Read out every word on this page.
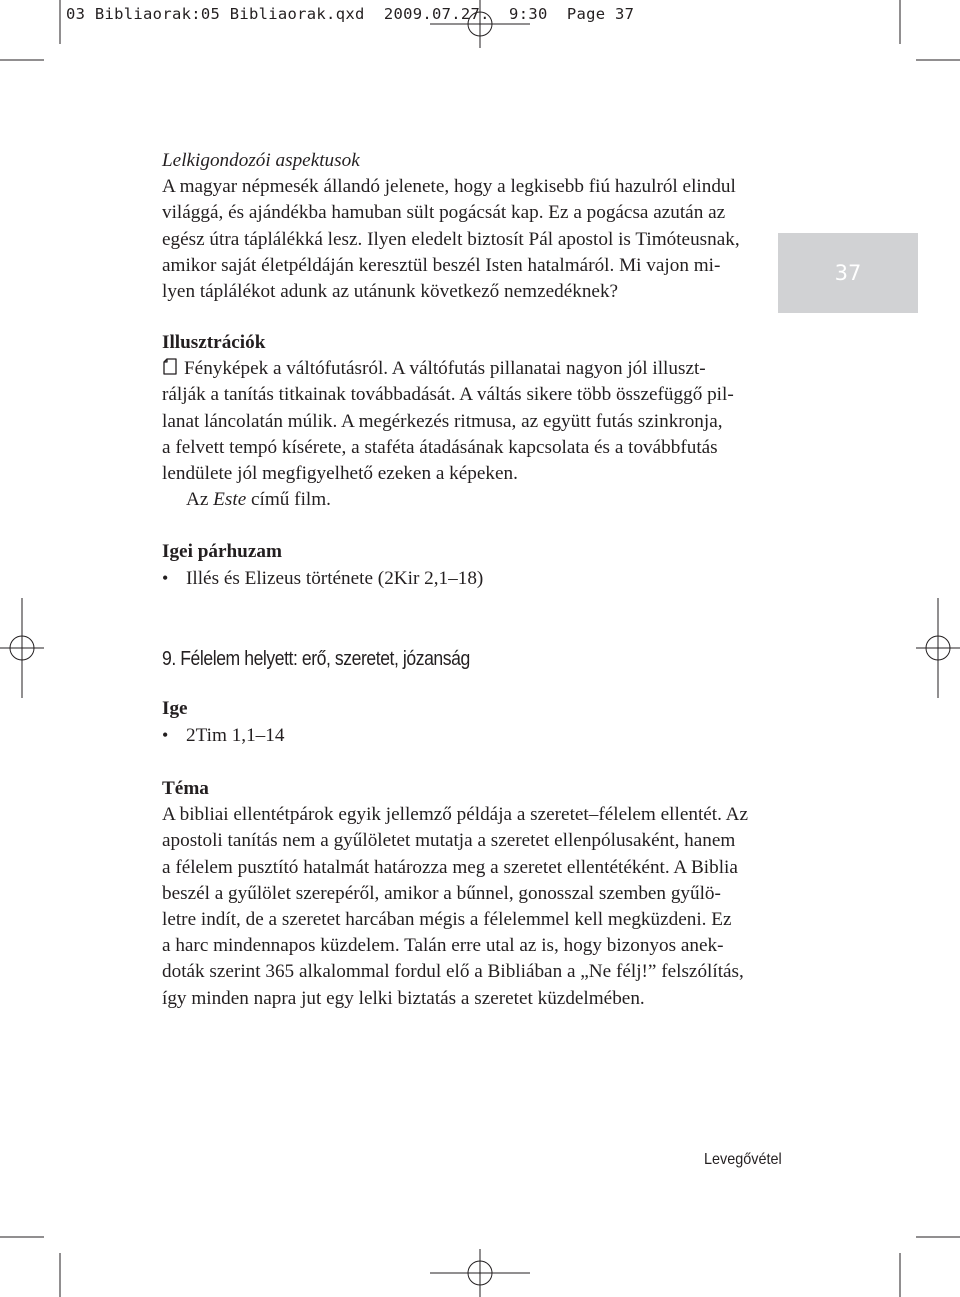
03 Bibliaorak:05 Bibliaorak.qxd  2009.07.27.  9:30  Page 37
37

Lelkigondozói aspektusok

A magyar népmesék állandó jelenete, hogy a legkisebb fiú hazulról elindul
világgá, és ajándékba hamuban sült pogácsát kap. Ez a pogácsa azután az
egész útra táplálékká lesz. Ilyen eledelt biztosít Pál apostol is Timóteusnak,
amikor saját életpéldáján keresztül beszél Isten hatalmáról. Mi vajon mi-
lyen táplálékot adunk az utánunk következő nemzedéknek?

Illusztrációk

Fényképek a váltófutásról. A váltófutás pillanatai nagyon jól illuszt-
rálják a tanítás titkainak továbbadását. A váltás sikere több összefüggő pil-
lanat láncolatán múlik. A megérkezés ritmusa, az együtt futás szinkronja,
a felvett tempó kísérete, a staféta átadásának kapcsolata és a továbbfutás
lendülete jól megfigyelhető ezeken a képeken.
Az Este című film.

Igei párhuzam

•
Illés és Elizeus története (2Kir 2,1–18)

9. Félelem helyett: erő, szeretet, józanság

Ige

•
2Tim 1,1–14

Téma

A bibliai ellentétpárok egyik jellemző példája a szeretet–félelem ellentét. Az
apostoli tanítás nem a gyűlöletet mutatja a szeretet ellenpólusaként, hanem
a félelem pusztító hatalmát határozza meg a szeretet ellentétéként. A Biblia
beszél a gyűlölet szerepéről, amikor a bűnnel, gonosszal szemben gyűlö-
letre indít, de a szeretet harcában mégis a félelemmel kell megküzdeni. Ez
a harc mindennapos küzdelem. Talán erre utal az is, hogy bizonyos anek-
doták szerint 365 alkalommal fordul elő a Bibliában a „Ne félj!” felszólítás,
így minden napra jut egy lelki biztatás a szeretet küzdelmében.

Levegővétel
